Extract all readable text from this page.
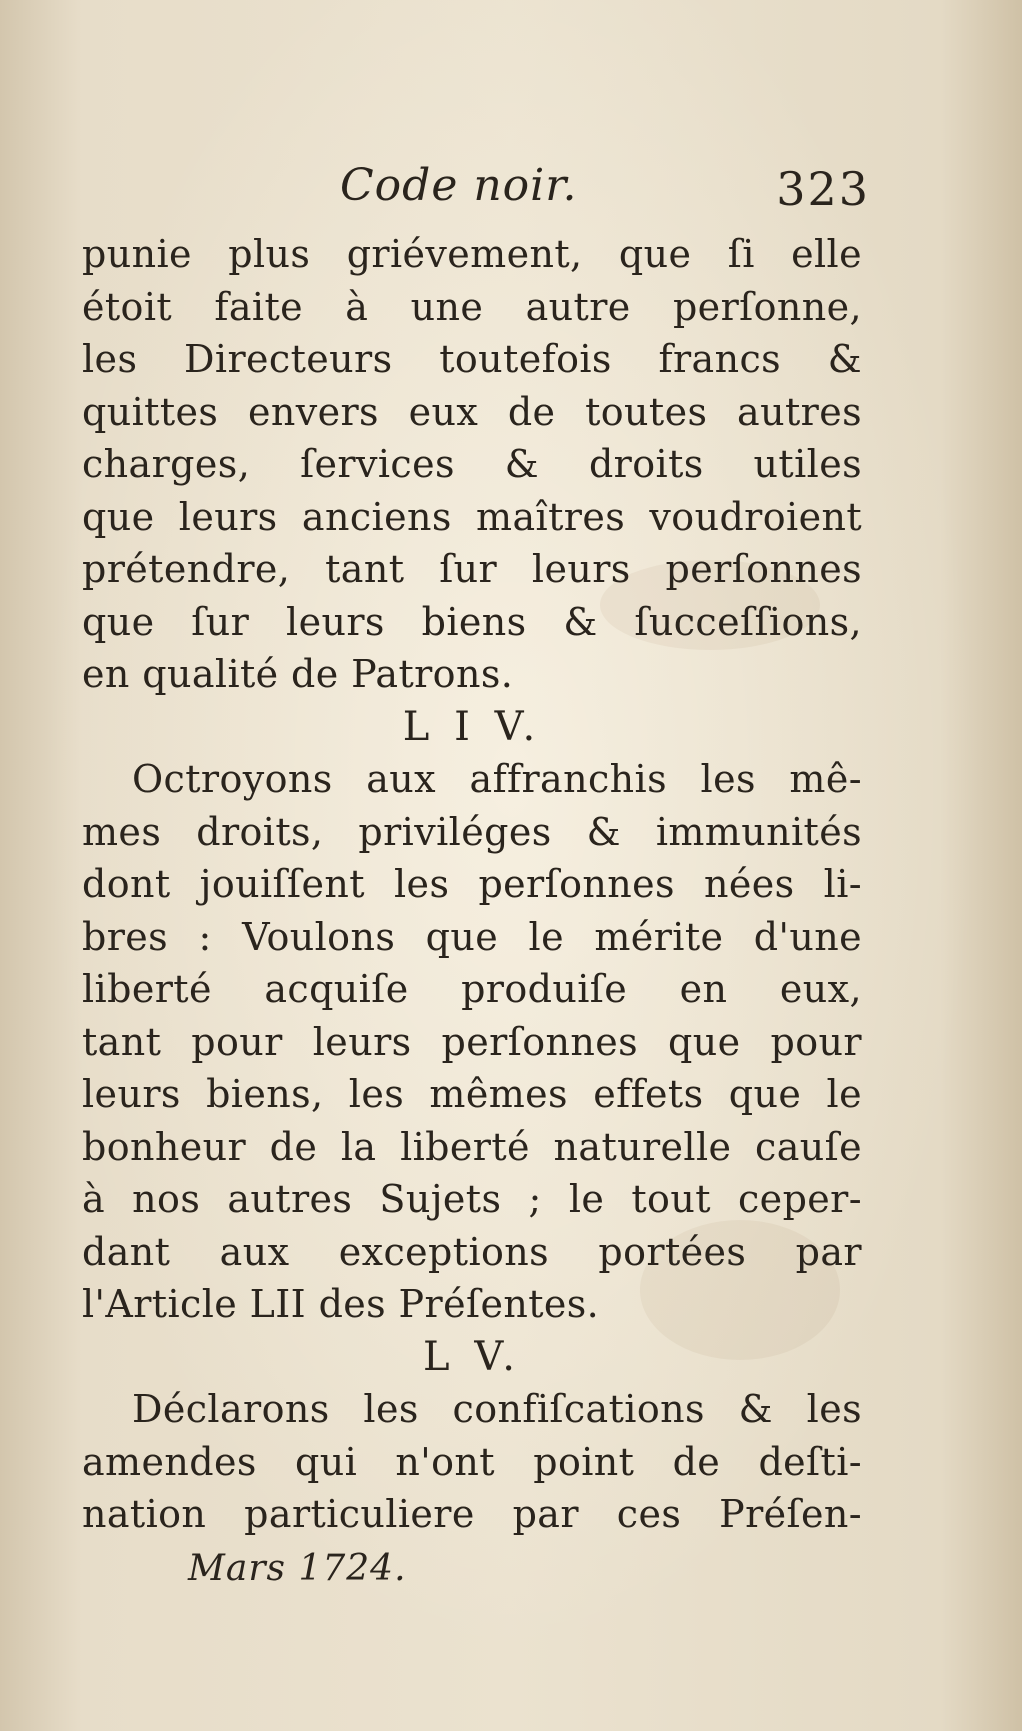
Code noir.	323
punie plus griévement, que ſi elle
étoit faite à une autre perſonne,
les Directeurs toutefois francs &
quittes envers eux de toutes autres
charges, ſervices & droits utiles
que leurs anciens maîtres voudroient
prétendre, tant ſur leurs perſonnes
que ſur leurs biens & ſucceſſions,
en qualité de Patrons.
L I V.
Octroyons aux affranchis les mê-
mes droits, priviléges & immunités
dont jouiſſent les perſonnes nées li-
bres : Voulons que le mérite d'une
liberté acquiſe produiſe en eux,
tant pour leurs perſonnes que pour
leurs biens, les mêmes effets que le
bonheur de la liberté naturelle cauſe
à nos autres Sujets ; le tout ceper-
dant aux exceptions portées par
l'Article LII des Préſentes.
L V.
Déclarons les confiſcations & les
amendes qui n'ont point de deſti-
nation particuliere par ces Préſen-
Mars 1724.
